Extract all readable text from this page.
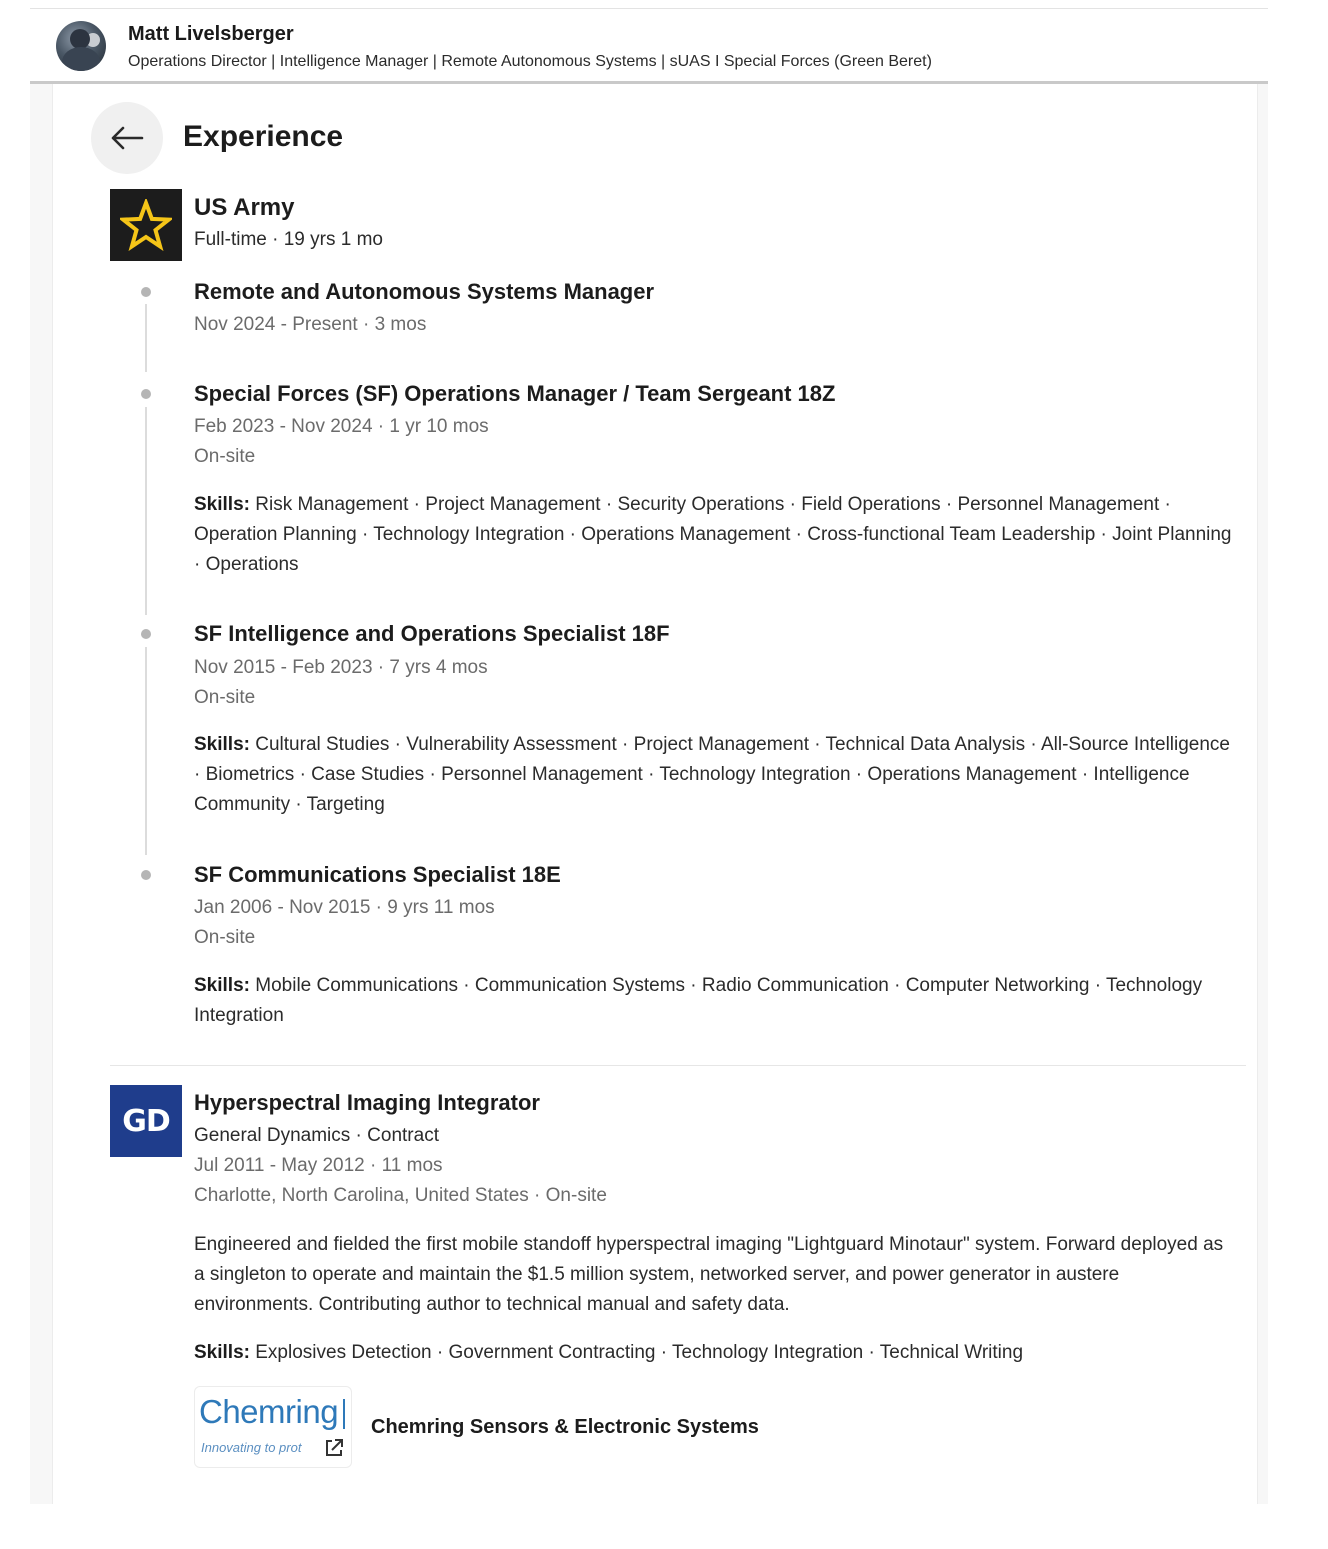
Matt Livelsberger
Operations Director | Intelligence Manager | Remote Autonomous Systems | sUAS I Special Forces (Green Beret)
Experience
US Army
Full-time · 19 yrs 1 mo
Remote and Autonomous Systems Manager
Nov 2024 - Present · 3 mos
Special Forces (SF) Operations Manager / Team Sergeant 18Z
Feb 2023 - Nov 2024 · 1 yr 10 mos
On-site
Skills: Risk Management · Project Management · Security Operations · Field Operations · Personnel Management · Operation Planning · Technology Integration · Operations Management · Cross-functional Team Leadership · Joint Planning · Operations
SF Intelligence and Operations Specialist 18F
Nov 2015 - Feb 2023 · 7 yrs 4 mos
On-site
Skills: Cultural Studies · Vulnerability Assessment · Project Management · Technical Data Analysis · All-Source Intelligence · Biometrics · Case Studies · Personnel Management · Technology Integration · Operations Management · Intelligence Community · Targeting
SF Communications Specialist 18E
Jan 2006 - Nov 2015 · 9 yrs 11 mos
On-site
Skills: Mobile Communications · Communication Systems · Radio Communication · Computer Networking · Technology Integration
GD
Hyperspectral Imaging Integrator
General Dynamics · Contract
Jul 2011 - May 2012 · 11 mos
Charlotte, North Carolina, United States · On-site
Engineered and fielded the first mobile standoff hyperspectral imaging "Lightguard Minotaur" system. Forward deployed as a singleton to operate and maintain the $1.5 million system, networked server, and power generator in austere environments. Contributing author to technical manual and safety data.
Skills: Explosives Detection · Government Contracting · Technology Integration · Technical Writing
Chemring
Innovating to prot
Chemring Sensors & Electronic Systems
